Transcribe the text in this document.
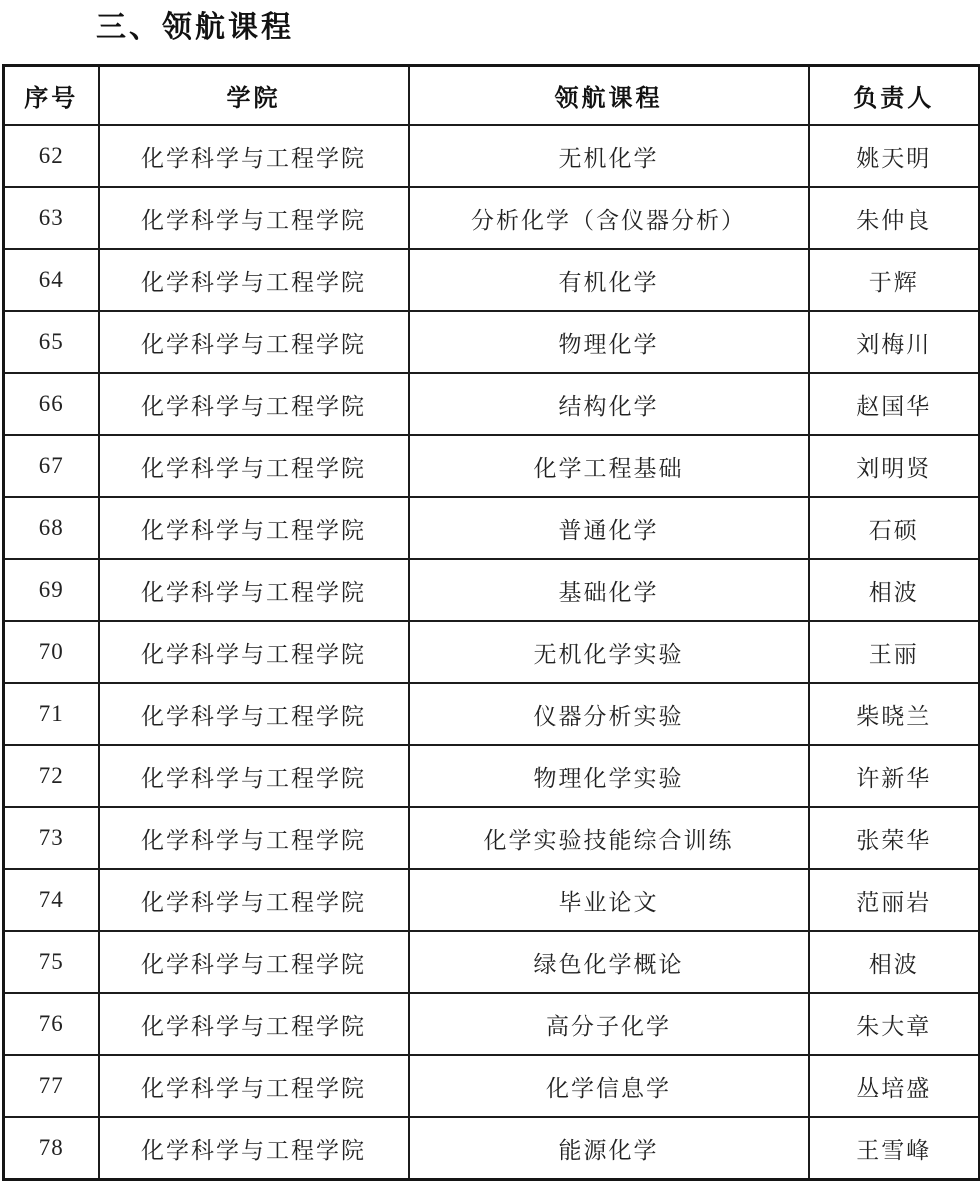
三、领航课程
序号	学院	领航课程	负责人
62	化学科学与工程学院	无机化学	姚天明
63	化学科学与工程学院	分析化学（含仪器分析）	朱仲良
64	化学科学与工程学院	有机化学	于辉
65	化学科学与工程学院	物理化学	刘梅川
66	化学科学与工程学院	结构化学	赵国华
67	化学科学与工程学院	化学工程基础	刘明贤
68	化学科学与工程学院	普通化学	石硕
69	化学科学与工程学院	基础化学	相波
70	化学科学与工程学院	无机化学实验	王丽
71	化学科学与工程学院	仪器分析实验	柴晓兰
72	化学科学与工程学院	物理化学实验	许新华
73	化学科学与工程学院	化学实验技能综合训练	张荣华
74	化学科学与工程学院	毕业论文	范丽岩
75	化学科学与工程学院	绿色化学概论	相波
76	化学科学与工程学院	高分子化学	朱大章
77	化学科学与工程学院	化学信息学	丛培盛
78	化学科学与工程学院	能源化学	王雪峰
